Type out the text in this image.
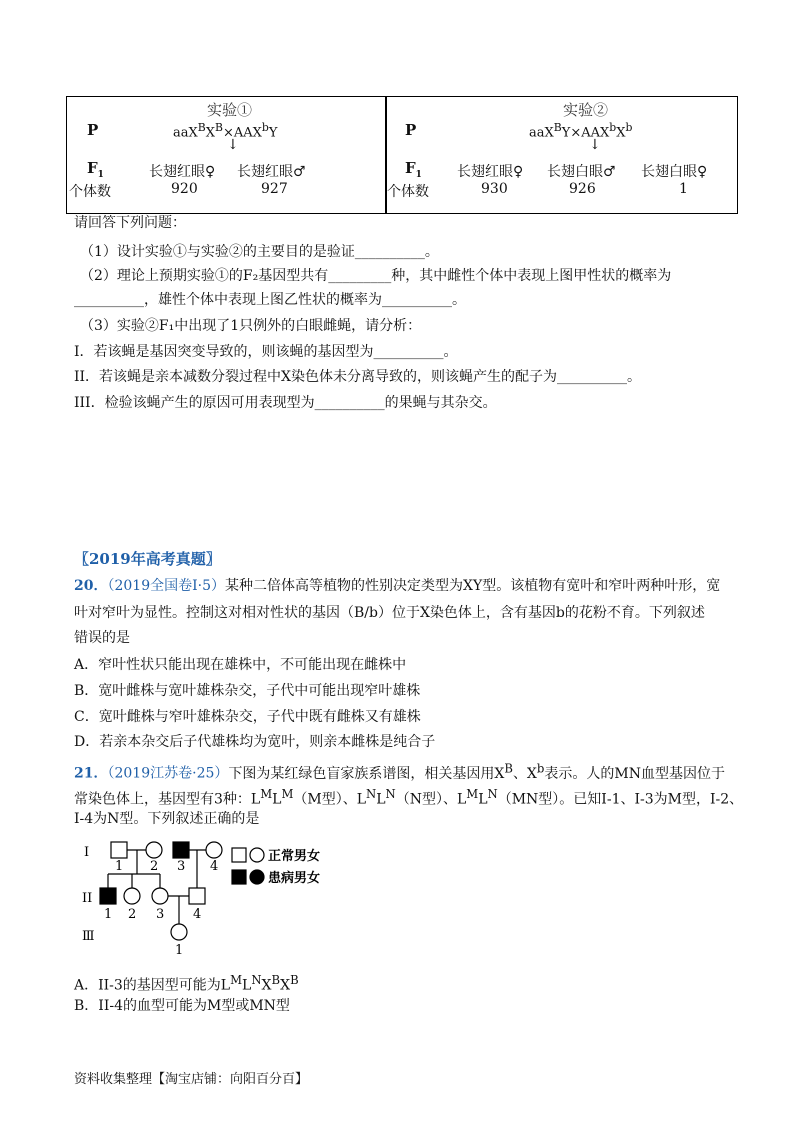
实验①
P	$aaX^BX^B\times AAX^bY$
↓
$F_1$	长翅红眼♀ 长翅红眼♂
个体数	920	927
实验②
P	$aaX^BY\times AAX^bX^b$
↓
$F_1$	长翅红眼♀ 长翅白眼♂ 长翅白眼♀
个体数	930	926	1
请回答下列问题：
（1）设计实验①与实验②的主要目的是验证__________。
（2）理论上预期实验①的F₂基因型共有_________种，其中雌性个体中表现上图甲性状的概率为
__________，雄性个体中表现上图乙性状的概率为__________。
（3）实验②F₁中出现了1只例外的白眼雌蝇，请分析：
I．若该蝇是基因突变导致的，则该蝇的基因型为__________。
II．若该蝇是亲本减数分裂过程中X染色体未分离导致的，则该蝇产生的配子为__________。
III．检验该蝇产生的原因可用表现型为__________的果蝇与其杂交。
〖2019年高考真题〗
20．（2019全国卷Ⅰ·5）某种二倍体高等植物的性别决定类型为XY型。该植物有宽叶和窄叶两种叶形，宽
叶对窄叶为显性。控制这对相对性状的基因（B/b）位于X染色体上，含有基因b的花粉不育。下列叙述
错误的是
A．窄叶性状只能出现在雄株中，不可能出现在雌株中
B．宽叶雌株与宽叶雄株杂交，子代中可能出现窄叶雄株
C．宽叶雌株与窄叶雄株杂交，子代中既有雌株又有雄株
D．若亲本杂交后子代雄株均为宽叶，则亲本雌株是纯合子
21．（2019江苏卷·25）下图为某红绿色盲家族系谱图，相关基因用$X^B$、$X^b$表示。人的MN血型基因位于
常染色体上，基因型有3种：$L^ML^M(M$型）、$L^NL^N(N$型）、$L^ML^N(MN$型）。已知I-1、I-3为M型，I-2、
I-4为N型。下列叙述正确的是
I
II
Ⅲ
1 2 3 4
1 2 3 4
1
正常男女
患病男女
A．II-3的基因型可能为$L^ML^NX^BX^B$
B．II-4的血型可能为M型或MN型
资料收集整理【淘宝店铺：向阳百分百】
